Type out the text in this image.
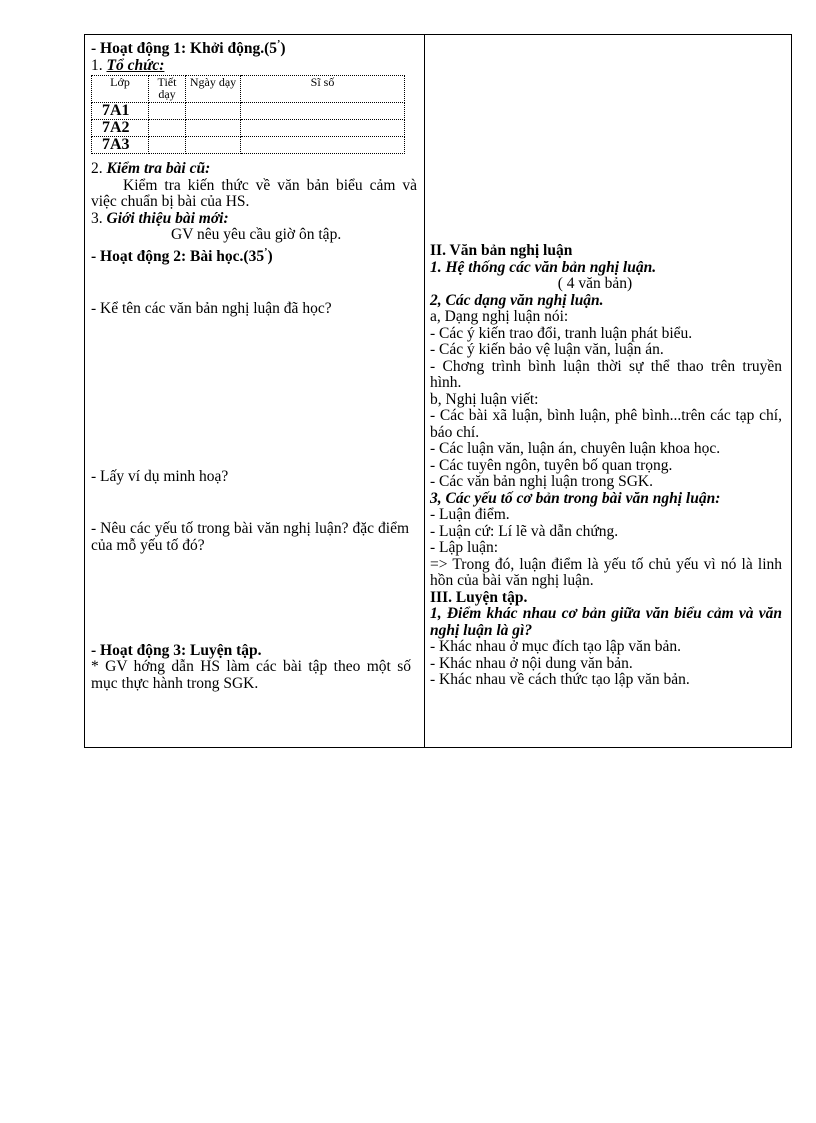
- Hoạt động 1: Khởi động.(5’)
1. Tổ chức:
Lớp	Tiết dạy	Ngày dạy	Sĩ số
7A1			
7A2			
7A3			
2. Kiểm tra bài cũ:
Kiểm tra kiến thức về văn bản biểu cảm và việc chuẩn bị bài của HS.
3. Giới thiệu bài mới:
GV nêu yêu cầu giờ ôn tập.
- Hoạt động 2: Bài học.(35’)
- Kể tên các văn bản nghị luận đã học?
- Lấy ví dụ minh hoạ?
- Nêu các yếu tố trong bài văn nghị luận? đặc điểm của mỗ yếu tố đó?
- Hoạt động 3: Luyện tập.
* GV hớng dẫn HS làm các bài tập theo một số mục thực hành trong SGK.
II. Văn bản nghị luận
1. Hệ thống các văn bản nghị luận.
( 4 văn bản)
2, Các dạng văn nghị luận.
a, Dạng nghị luận nói:
- Các ý kiến trao đổi, tranh luận phát biểu.
- Các ý kiến bảo vệ luận văn, luận án.
- Chơng trình bình luận thời sự thể thao trên truyền hình.
b, Nghị luận viết:
- Các bài xã luận, bình luận, phê bình...trên các tạp chí, báo chí.
- Các luận văn, luận án, chuyên luận khoa học.
- Các tuyên ngôn, tuyên bố quan trọng.
- Các văn bản nghị luận trong SGK.
3, Các yếu tố cơ bản trong bài văn nghị luận:
- Luận điểm.
- Luận cứ: Lí lẽ và dẫn chứng.
- Lập luận:
=> Trong đó, luận điểm là yếu tố chủ yếu vì nó là linh hồn của bài văn nghị luận.
III. Luyện tập.
1, Điểm khác nhau cơ bản giữa văn biểu cảm và văn nghị luận là gì?
- Khác nhau ở mục đích tạo lập văn bản.
- Khác nhau ở nội dung văn bản.
- Khác nhau về cách thức tạo lập văn bản.
